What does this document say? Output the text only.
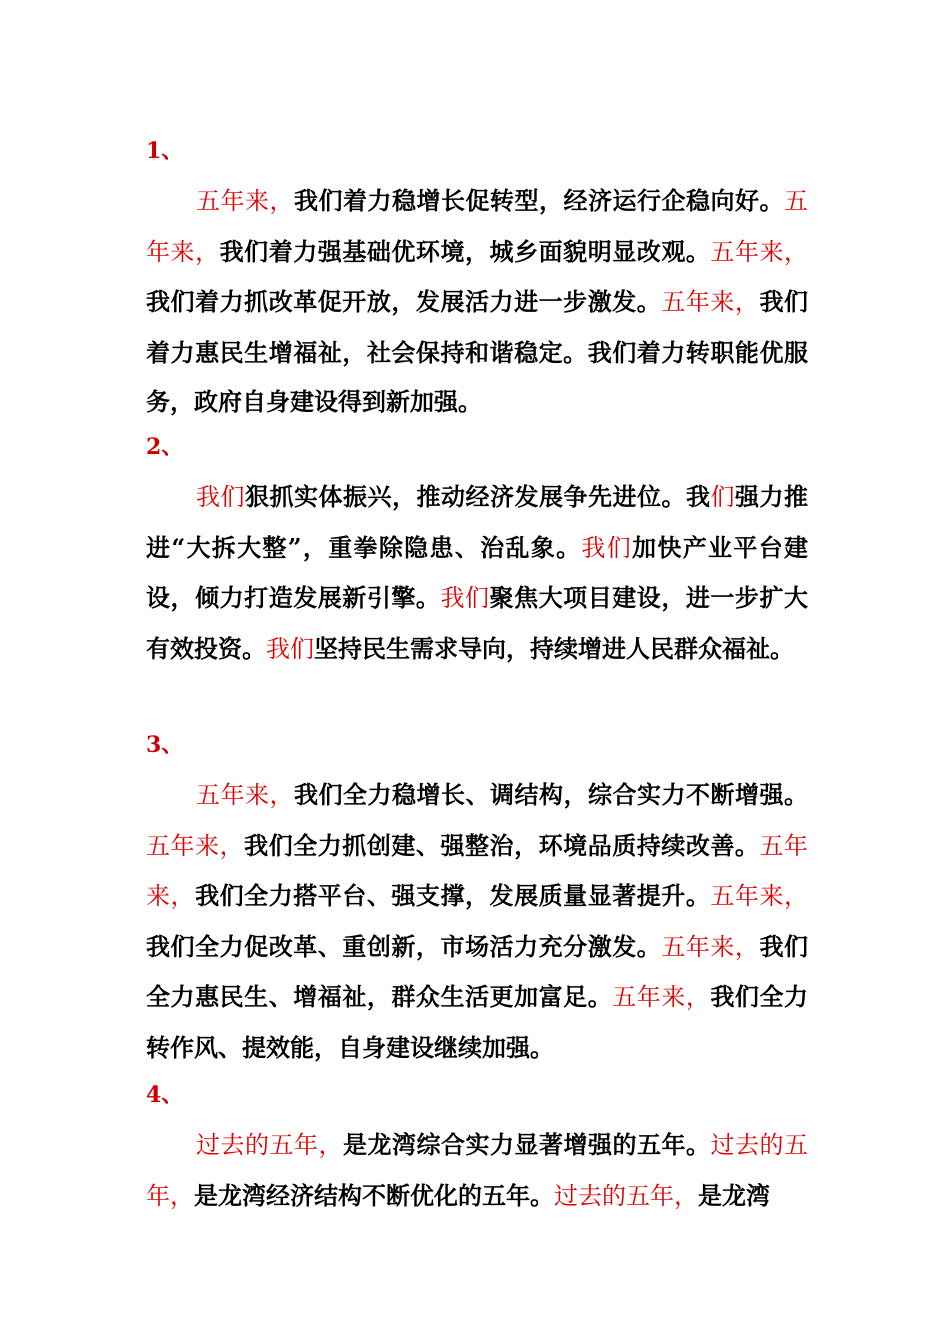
1、

五年来，我们着力稳增长促转型，经济运行企稳向好。五年来，我们着力强基础优环境，城乡面貌明显改观。五年来，我们着力抓改革促开放，发展活力进一步激发。五年来，我们着力惠民生增福祉，社会保持和谐稳定。我们着力转职能优服务，政府自身建设得到新加强。

2、

我们狠抓实体振兴，推动经济发展争先进位。我们强力推进“大拆大整”，重拳除隐患、治乱象。我们加快产业平台建设，倾力打造发展新引擎。我们聚焦大项目建设，进一步扩大有效投资。我们坚持民生需求导向，持续增进人民群众福祉。

3、

五年来，我们全力稳增长、调结构，综合实力不断增强。五年来，我们全力抓创建、强整治，环境品质持续改善。五年来，我们全力搭平台、强支撑，发展质量显著提升。五年来，我们全力促改革、重创新，市场活力充分激发。五年来，我们全力惠民生、增福祉，群众生活更加富足。五年来，我们全力转作风、提效能，自身建设继续加强。

4、

过去的五年，是龙湾综合实力显著增强的五年。过去的五年，是龙湾经济结构不断优化的五年。过去的五年，是龙湾
